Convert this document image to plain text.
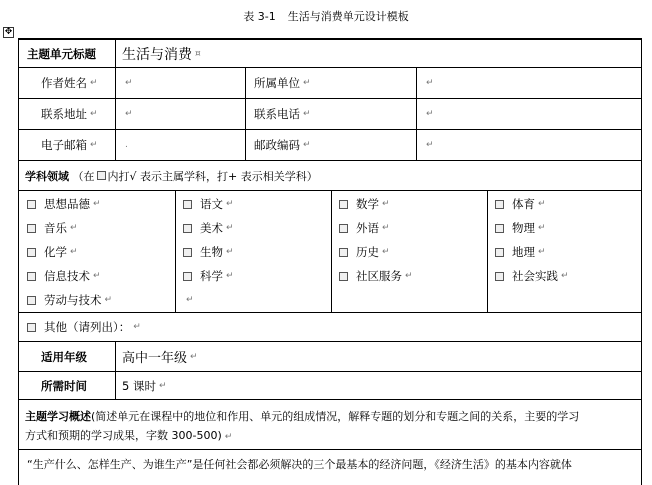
表 3-1 生活与消费单元设计模板
✥
主题单元标题 生活与消费 ¤
作者姓名 ↵	↵	所属单位 ↵	↵
联系地址 ↵	↵	联系电话 ↵	↵
电子邮箱 ↵	.	邮政编码 ↵	↵
学科领域
（在 内打√ 表示主属学科，打+ 表示相关学科）
思想品德 ↵	语文 ↵	数学 ↵	体育 ↵
音乐 ↵	美术 ↵	外语 ↵	物理 ↵
化学 ↵	生物 ↵	历史 ↵	地理 ↵
信息技术 ↵	科学 ↵	社区服务 ↵	社会实践 ↵
劳动与技术 ↵	↵
其他（请列出）： ↵
适用年级	高中一年级 ↵
所需时间	5 课时 ↵
主题学习概述(简述单元在课程中的地位和作用、单元的组成情况，解释专题的划分和专题之间的关系，主要的学习
方式和预期的学习成果，字数 300-500) ↵
“生产什么、怎样生产、为谁生产”是任何社会都必须解决的三个最基本的经济问题，《经济生活》的基本内容就体
